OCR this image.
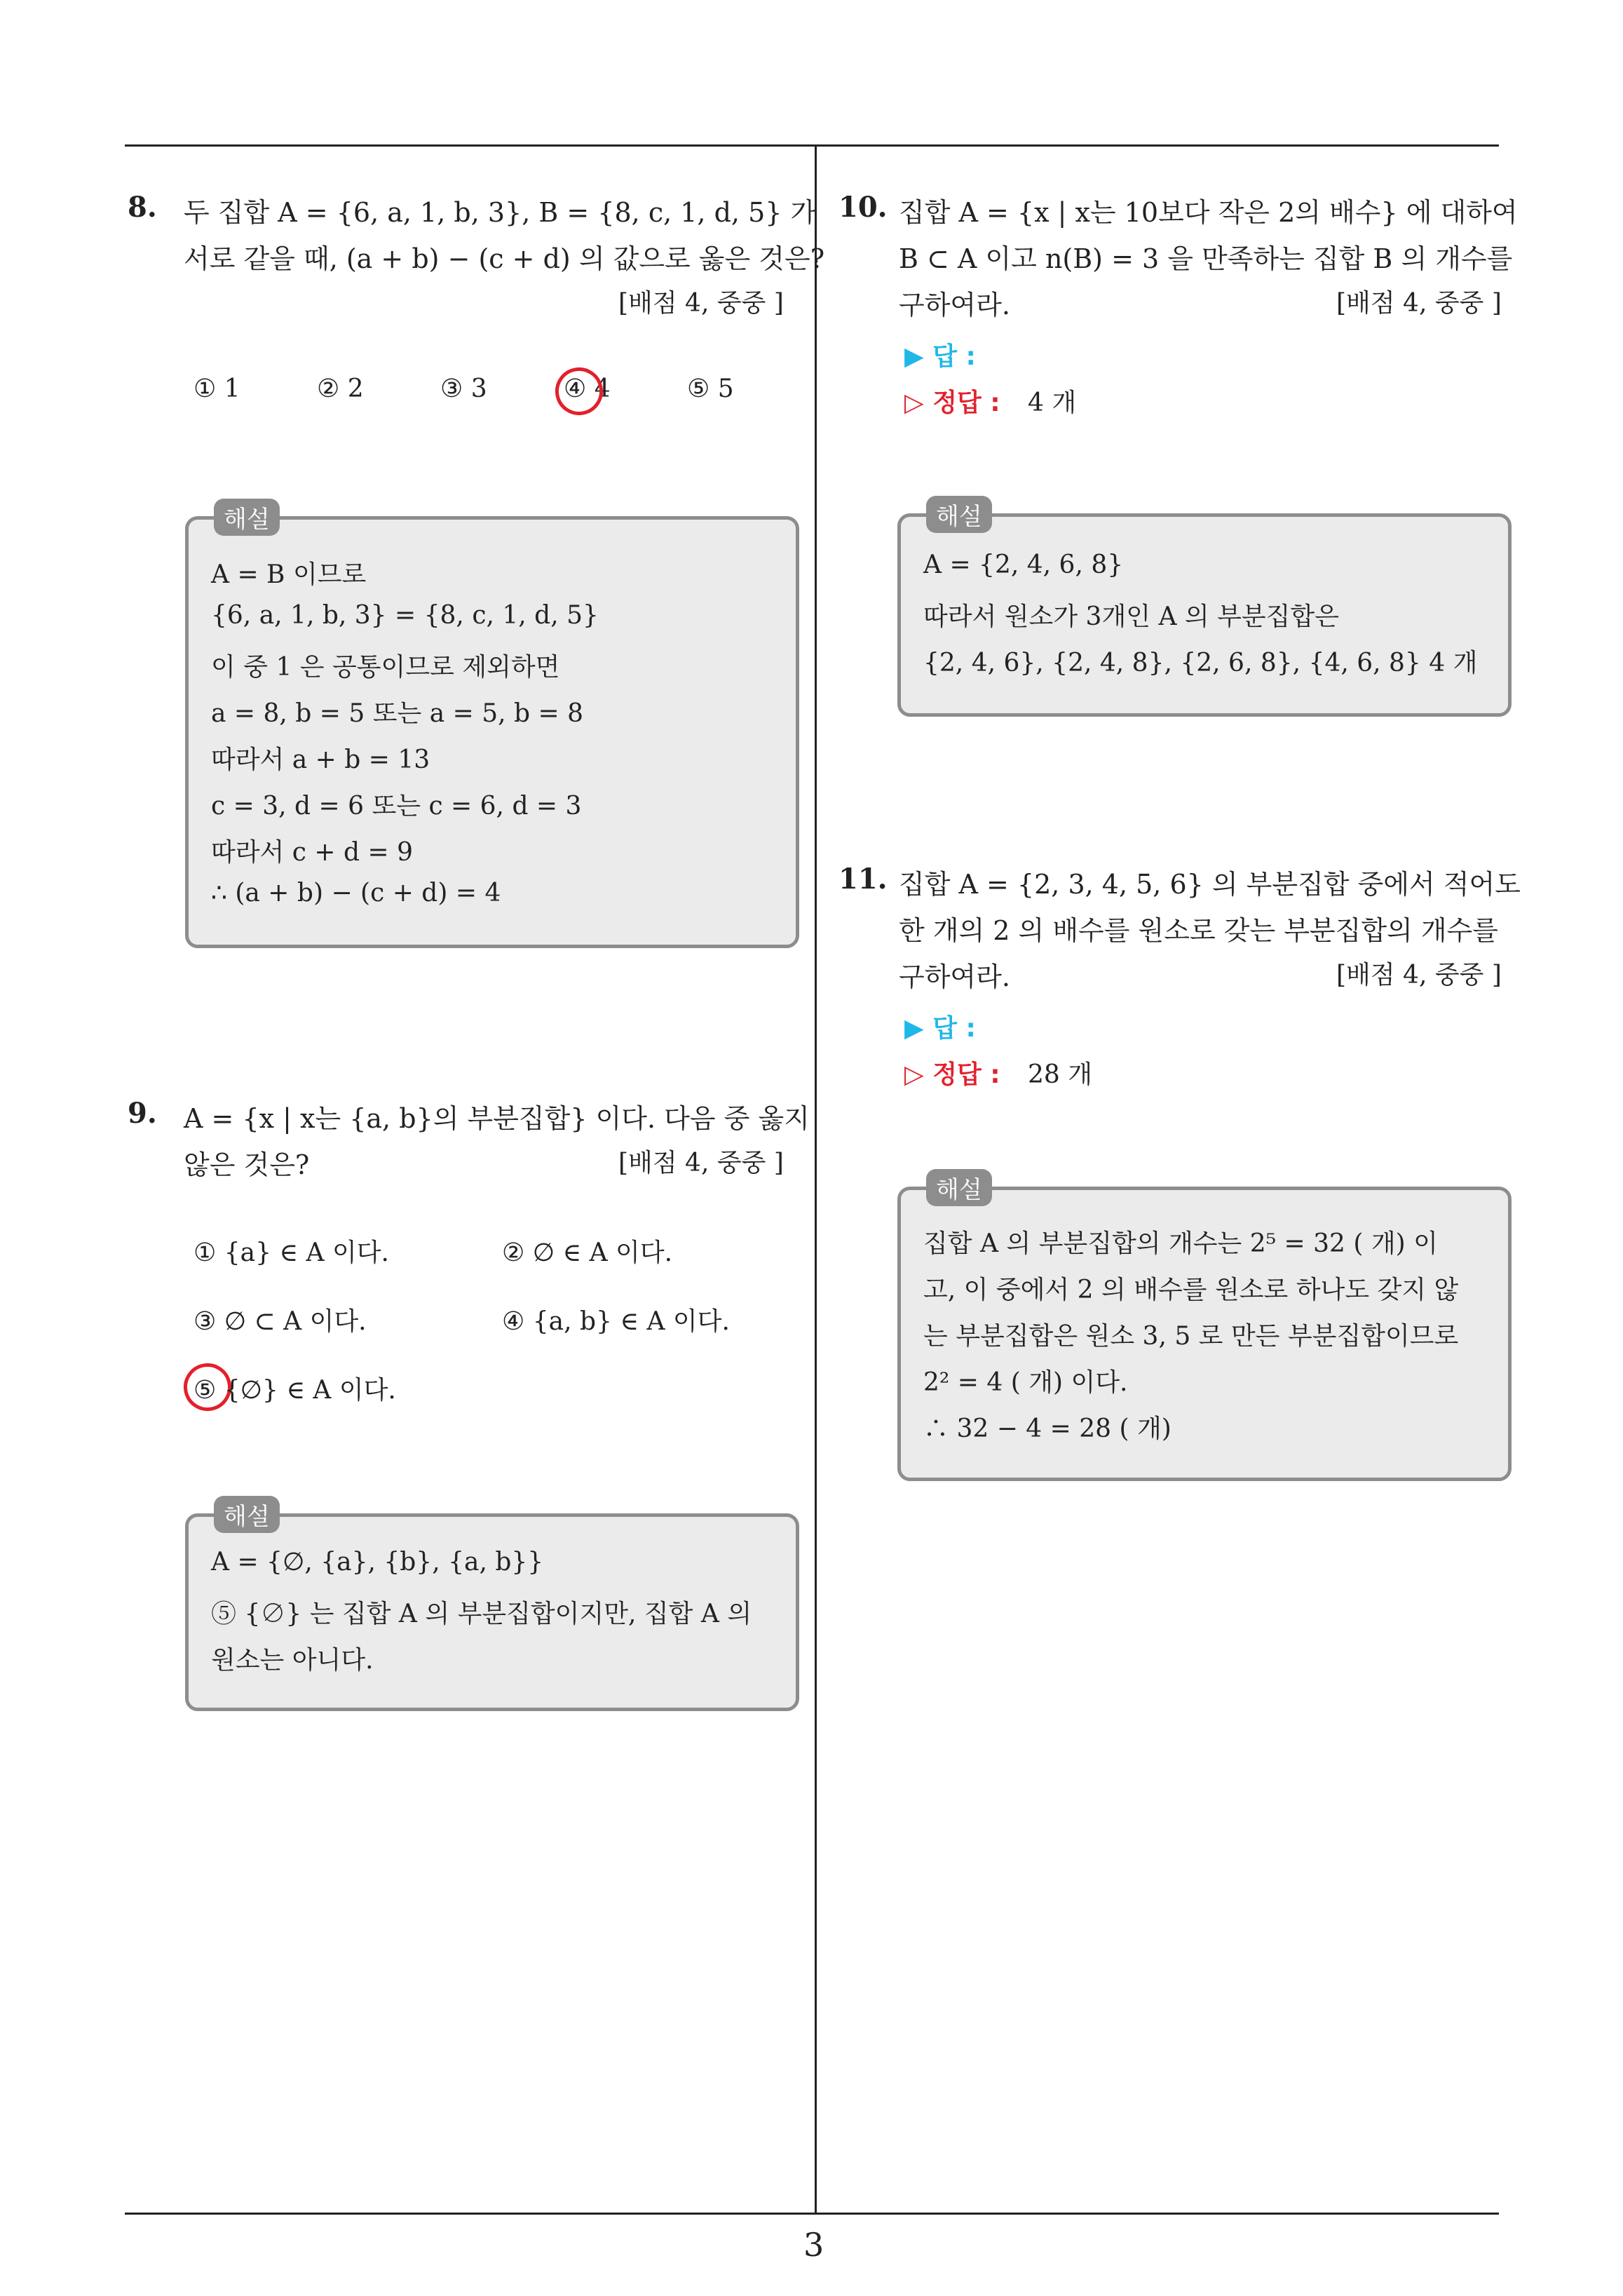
8. 두 집합 A = {6, a, 1, b, 3}, B = {8, c, 1, d, 5} 가
서로 같을 때, (a + b) − (c + d) 의 값으로 옳은 것은?
[배점 4, 중중 ]
① 1	② 2	③ 3	④ 4	⑤ 5
해설
A = B 이므로
{6, a, 1, b, 3} = {8, c, 1, d, 5}
이 중 1 은 공통이므로 제외하면
a = 8, b = 5 또는 a = 5, b = 8
따라서 a + b = 13
c = 3, d = 6 또는 c = 6, d = 3
따라서 c + d = 9
∴ (a + b) − (c + d) = 4
9. A = {x | x는 {a, b}의 부분집합} 이다. 다음 중 옳지
않은 것은?	[배점 4, 중중 ]
① {a} ∈ A 이다.	② ∅ ∈ A 이다.
③ ∅ ⊂ A 이다.	④ {a, b} ∈ A 이다.
⑤ {∅} ∈ A 이다.
해설
A = {∅, {a}, {b}, {a, b}}
⑤ {∅} 는 집합 A 의 부분집합이지만, 집합 A 의
원소는 아니다.
10. 집합 A = {x | x는 10보다 작은 2의 배수} 에 대하여
B ⊂ A 이고 n(B) = 3 을 만족하는 집합 B 의 개수를
구하여라.	[배점 4, 중중 ]
▶ 답 :
▷ 정답 : 4 개
해설
A = {2, 4, 6, 8}
따라서 원소가 3개인 A 의 부분집합은
{2, 4, 6}, {2, 4, 8}, {2, 6, 8}, {4, 6, 8} 4 개
11. 집합 A = {2, 3, 4, 5, 6} 의 부분집합 중에서 적어도
한 개의 2 의 배수를 원소로 갖는 부분집합의 개수를
구하여라.	[배점 4, 중중 ]
▶ 답 :
▷ 정답 : 28 개
해설
집합 A 의 부분집합의 개수는 2⁵ = 32 ( 개) 이
고, 이 중에서 2 의 배수를 원소로 하나도 갖지 않
는 부분집합은 원소 3, 5 로 만든 부분집합이므로
2² = 4 ( 개) 이다.
∴ 32 − 4 = 28 ( 개)
3
